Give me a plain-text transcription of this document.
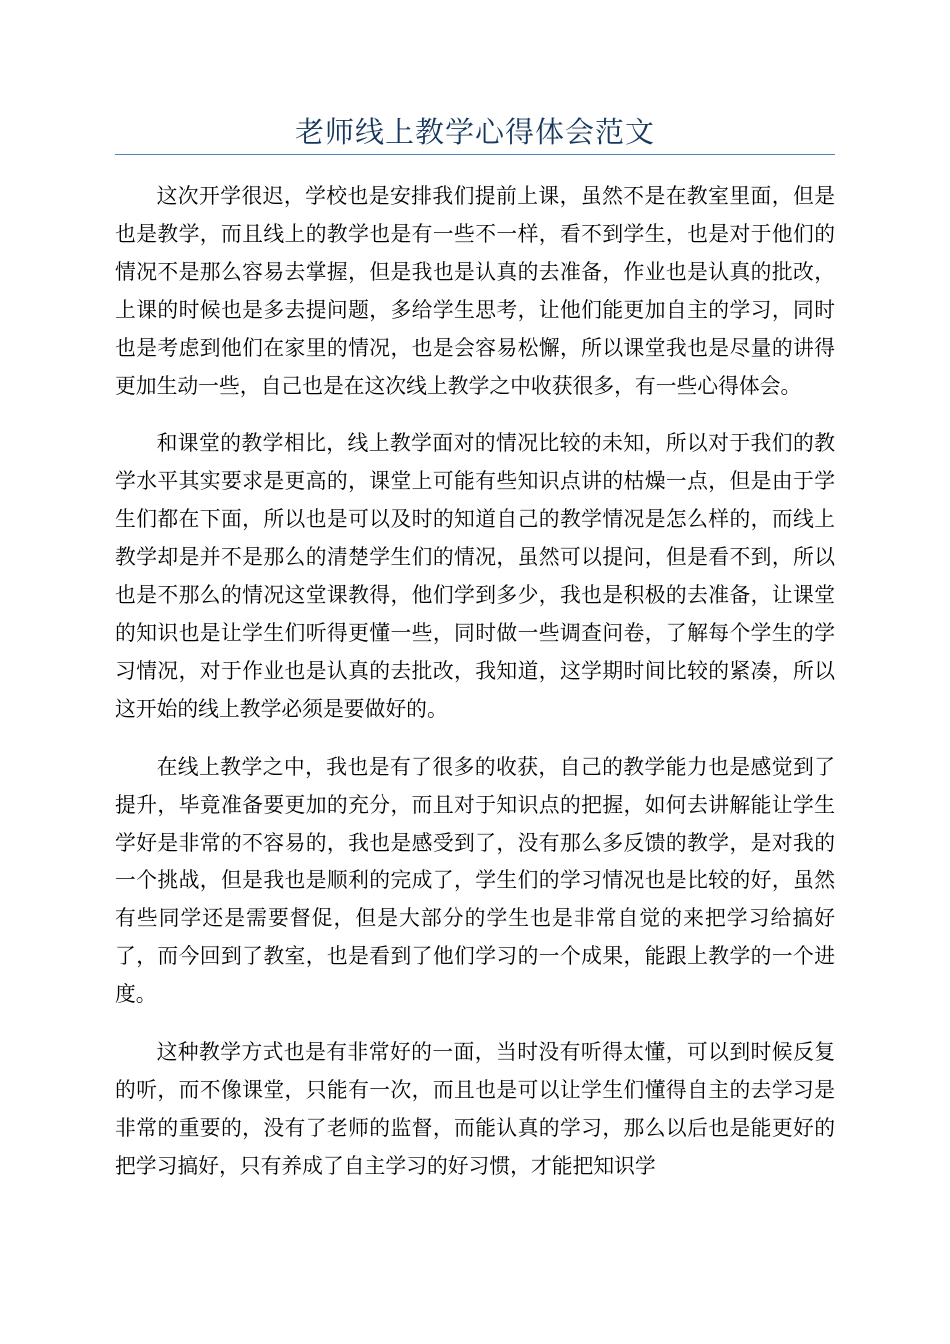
老师线上教学心得体会范文

这次开学很迟，学校也是安排我们提前上课，虽然不是在教室里面，但是也是教学，而且线上的教学也是有一些不一样，看不到学生，也是对于他们的情况不是那么容易去掌握，但是我也是认真的去准备，作业也是认真的批改，上课的时候也是多去提问题，多给学生思考，让他们能更加自主的学习，同时也是考虑到他们在家里的情况，也是会容易松懈，所以课堂我也是尽量的讲得更加生动一些，自己也是在这次线上教学之中收获很多，有一些心得体会。

和课堂的教学相比，线上教学面对的情况比较的未知，所以对于我们的教学水平其实要求是更高的，课堂上可能有些知识点讲的枯燥一点，但是由于学生们都在下面，所以也是可以及时的知道自己的教学情况是怎么样的，而线上教学却是并不是那么的清楚学生们的情况，虽然可以提问，但是看不到，所以也是不那么的情况这堂课教得，他们学到多少，我也是积极的去准备，让课堂的知识也是让学生们听得更懂一些，同时做一些调查问卷，了解每个学生的学习情况，对于作业也是认真的去批改，我知道，这学期时间比较的紧凑，所以这开始的线上教学必须是要做好的。

在线上教学之中，我也是有了很多的收获，自己的教学能力也是感觉到了提升，毕竟准备要更加的充分，而且对于知识点的把握，如何去讲解能让学生学好是非常的不容易的，我也是感受到了，没有那么多反馈的教学，是对我的一个挑战，但是我也是顺利的完成了，学生们的学习情况也是比较的好，虽然有些同学还是需要督促，但是大部分的学生也是非常自觉的来把学习给搞好了，而今回到了教室，也是看到了他们学习的一个成果，能跟上教学的一个进度。

这种教学方式也是有非常好的一面，当时没有听得太懂，可以到时候反复的听，而不像课堂，只能有一次，而且也是可以让学生们懂得自主的去学习是非常的重要的，没有了老师的监督，而能认真的学习，那么以后也是能更好的把学习搞好，只有养成了自主学习的好习惯，才能把知识学
